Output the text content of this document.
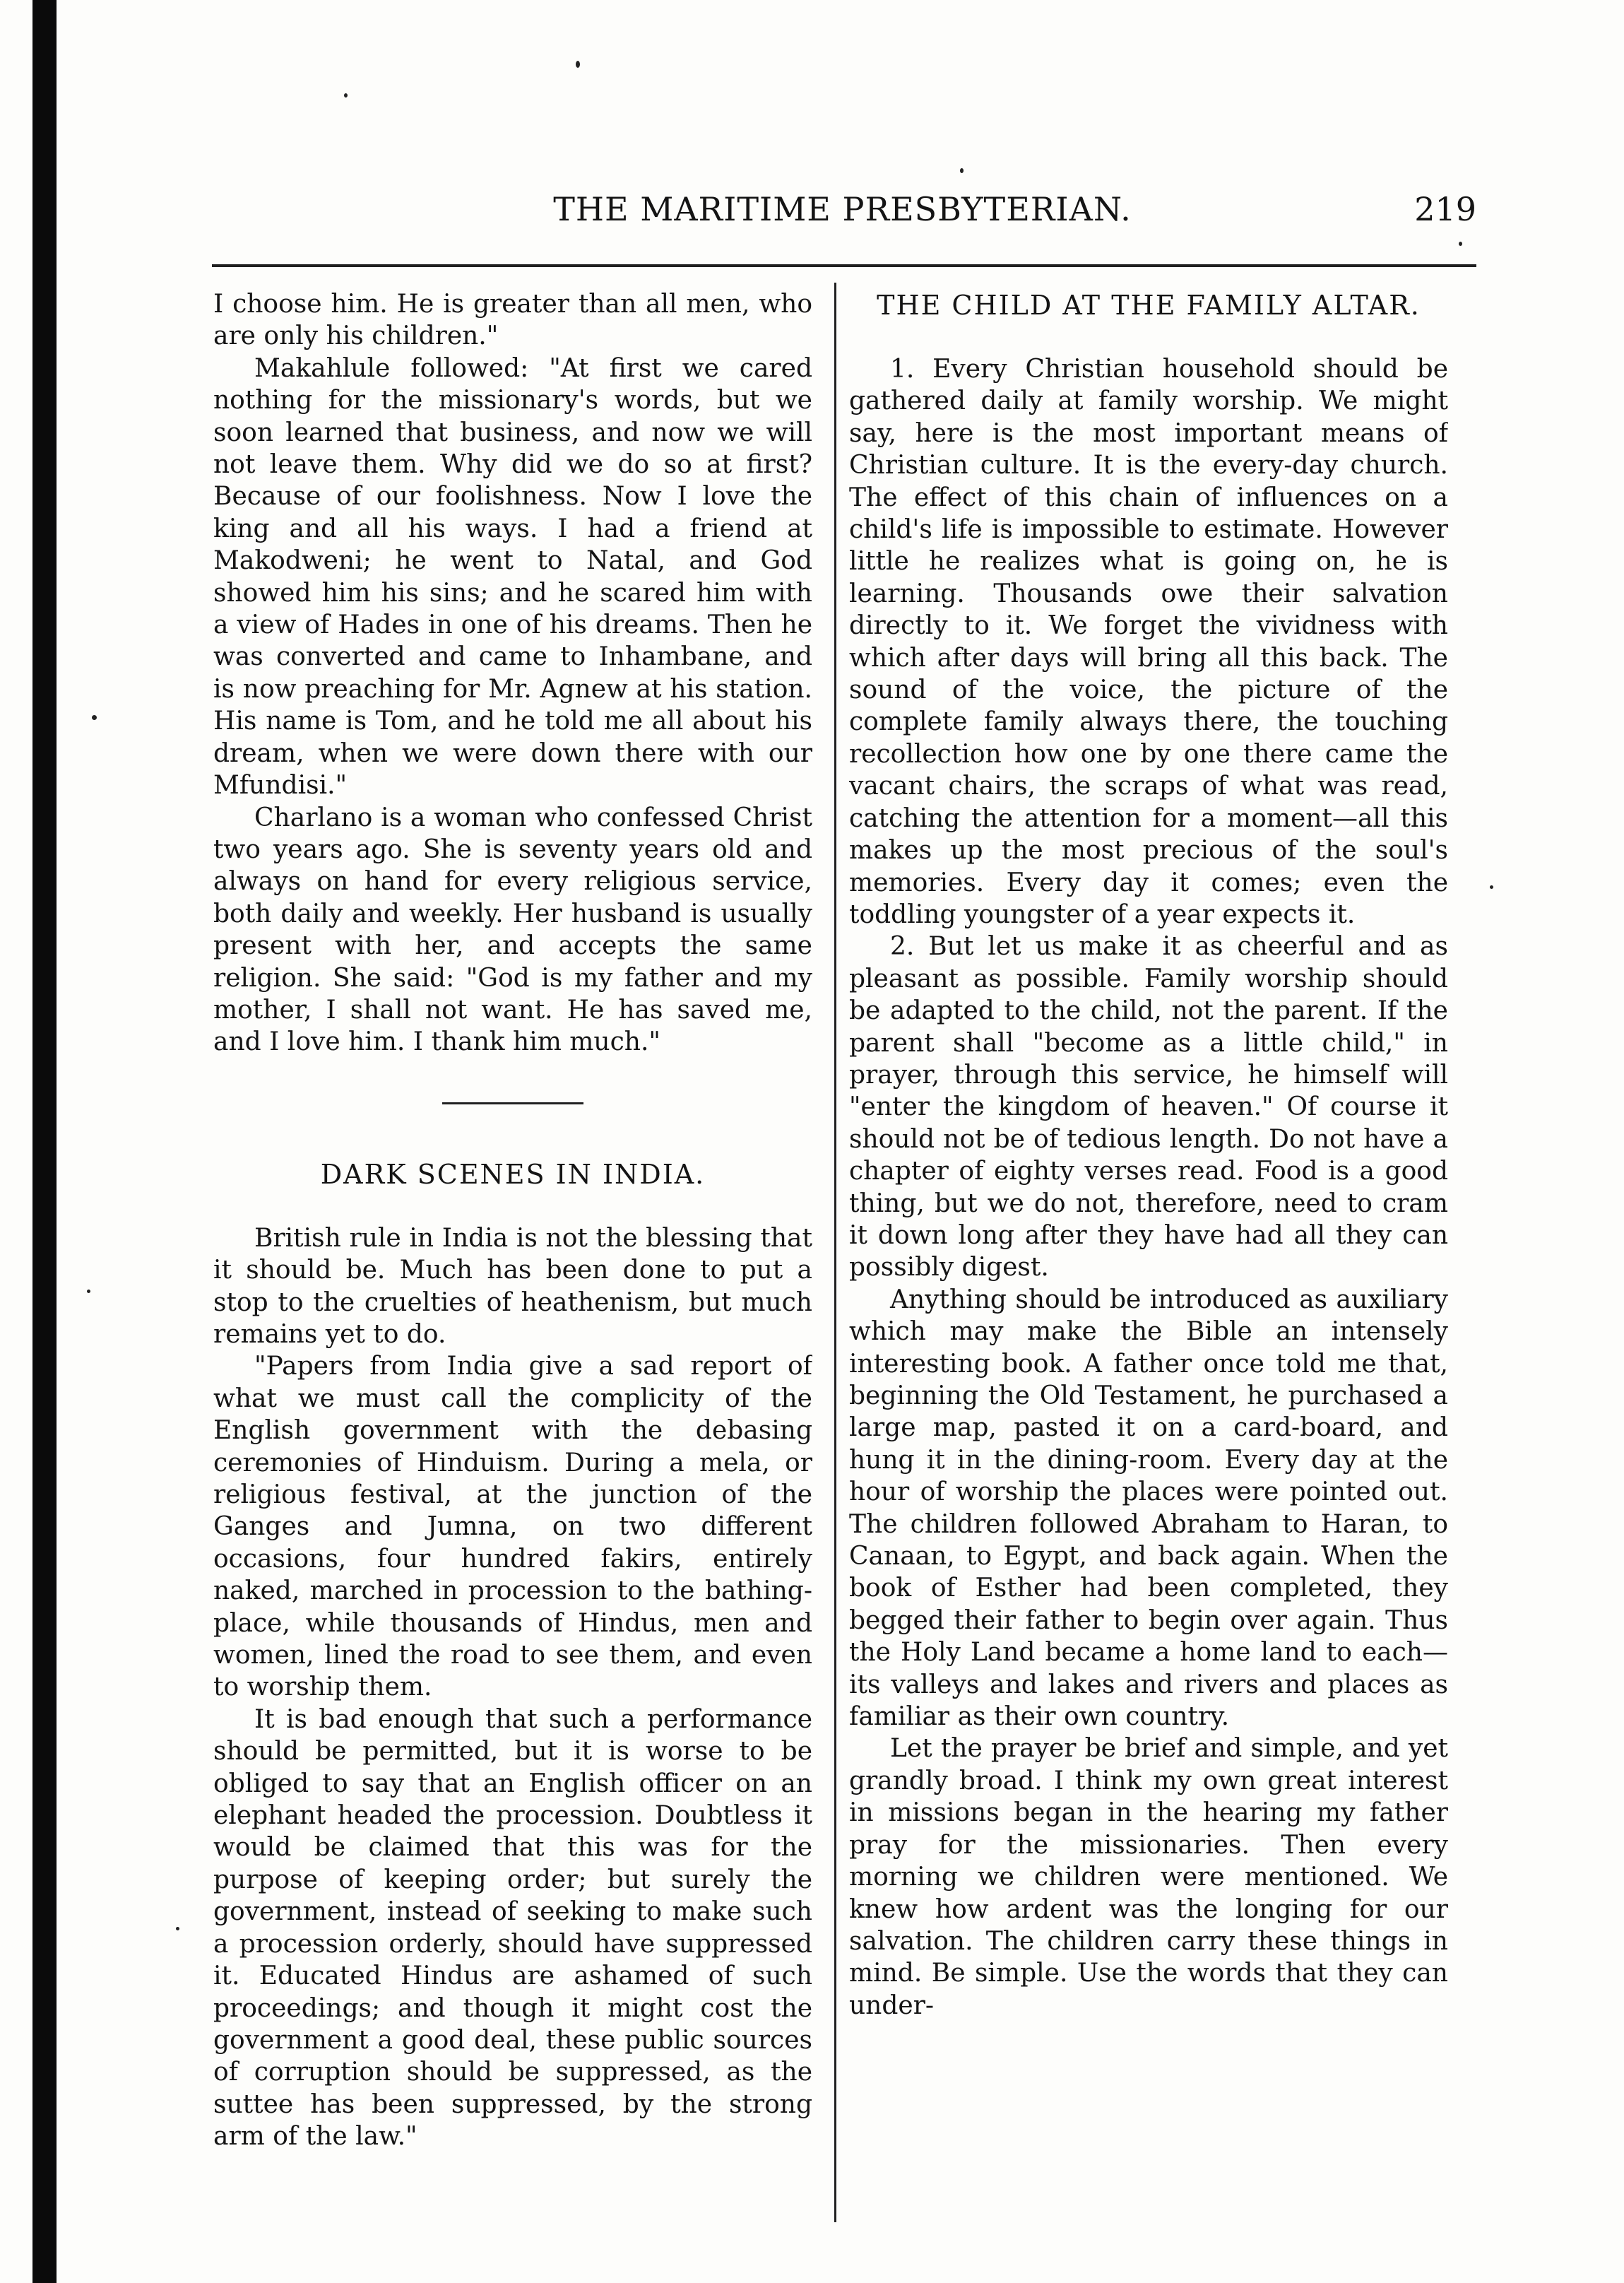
THE MARITIME PRESBYTERIAN.	219

I choose him. He is greater than all men, who are only his children."

Makahlule followed: "At first we cared nothing for the missionary's words, but we soon learned that business, and now we will not leave them. Why did we do so at first? Because of our foolishness. Now I love the king and all his ways. I had a friend at Makodweni; he went to Natal, and God showed him his sins; and he scared him with a view of Hades in one of his dreams. Then he was converted and came to Inhambane, and is now preaching for Mr. Agnew at his station. His name is Tom, and he told me all about his dream, when we were down there with our Mfundisi."

Charlano is a woman who confessed Christ two years ago. She is seventy years old and always on hand for every religious service, both daily and weekly. Her husband is usually present with her, and accepts the same religion. She said: "God is my father and my mother, I shall not want. He has saved me, and I love him. I thank him much."

DARK SCENES IN INDIA.

British rule in India is not the blessing that it should be. Much has been done to put a stop to the cruelties of heathenism, but much remains yet to do.

"Papers from India give a sad report of what we must call the complicity of the English government with the debasing ceremonies of Hinduism. During a mela, or religious festival, at the junction of the Ganges and Jumna, on two different occasions, four hundred fakirs, entirely naked, marched in procession to the bathing-place, while thousands of Hindus, men and women, lined the road to see them, and even to worship them.

It is bad enough that such a performance should be permitted, but it is worse to be obliged to say that an English officer on an elephant headed the procession. Doubtless it would be claimed that this was for the purpose of keeping order; but surely the government, instead of seeking to make such a procession orderly, should have suppressed it. Educated Hindus are ashamed of such proceedings; and though it might cost the government a good deal, these public sources of corruption should be suppressed, as the suttee has been suppressed, by the strong arm of the law."

THE CHILD AT THE FAMILY ALTAR.

1. Every Christian household should be gathered daily at family worship. We might say, here is the most important means of Christian culture. It is the every-day church. The effect of this chain of influences on a child's life is impossible to estimate. However little he realizes what is going on, he is learning. Thousands owe their salvation directly to it. We forget the vividness with which after days will bring all this back. The sound of the voice, the picture of the complete family always there, the touching recollection how one by one there came the vacant chairs, the scraps of what was read, catching the attention for a moment—all this makes up the most precious of the soul's memories. Every day it comes; even the toddling youngster of a year expects it.

2. But let us make it as cheerful and as pleasant as possible. Family worship should be adapted to the child, not the parent. If the parent shall "become as a little child," in prayer, through this service, he himself will "enter the kingdom of heaven." Of course it should not be of tedious length. Do not have a chapter of eighty verses read. Food is a good thing, but we do not, therefore, need to cram it down long after they have had all they can possibly digest.

Anything should be introduced as auxiliary which may make the Bible an intensely interesting book. A father once told me that, beginning the Old Testament, he purchased a large map, pasted it on a card-board, and hung it in the dining-room. Every day at the hour of worship the places were pointed out. The children followed Abraham to Haran, to Canaan, to Egypt, and back again. When the book of Esther had been completed, they begged their father to begin over again. Thus the Holy Land became a home land to each—its valleys and lakes and rivers and places as familiar as their own country.

Let the prayer be brief and simple, and yet grandly broad. I think my own great interest in missions began in the hearing my father pray for the missionaries. Then every morning we children were mentioned. We knew how ardent was the longing for our salvation. The children carry these things in mind. Be simple. Use the words that they can under-
